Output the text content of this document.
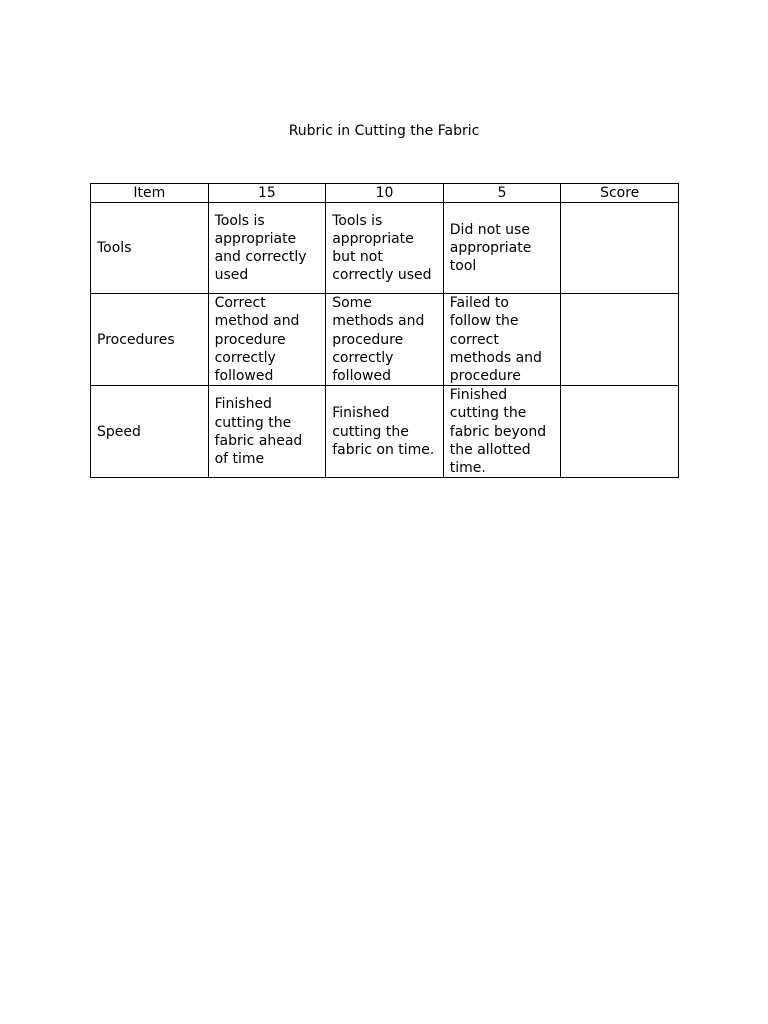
Rubric in Cutting the Fabric
Item	15	10	5	Score
Tools	Tools is appropriate and correctly used	Tools is appropriate but not correctly used	Did not use appropriate tool	
Procedures	Correct method and procedure correctly followed	Some methods and procedure correctly followed	Failed to follow the correct methods and procedure	
Speed	Finished cutting the fabric ahead of time	Finished cutting the fabric on time.	Finished cutting the fabric beyond the allotted time.	
